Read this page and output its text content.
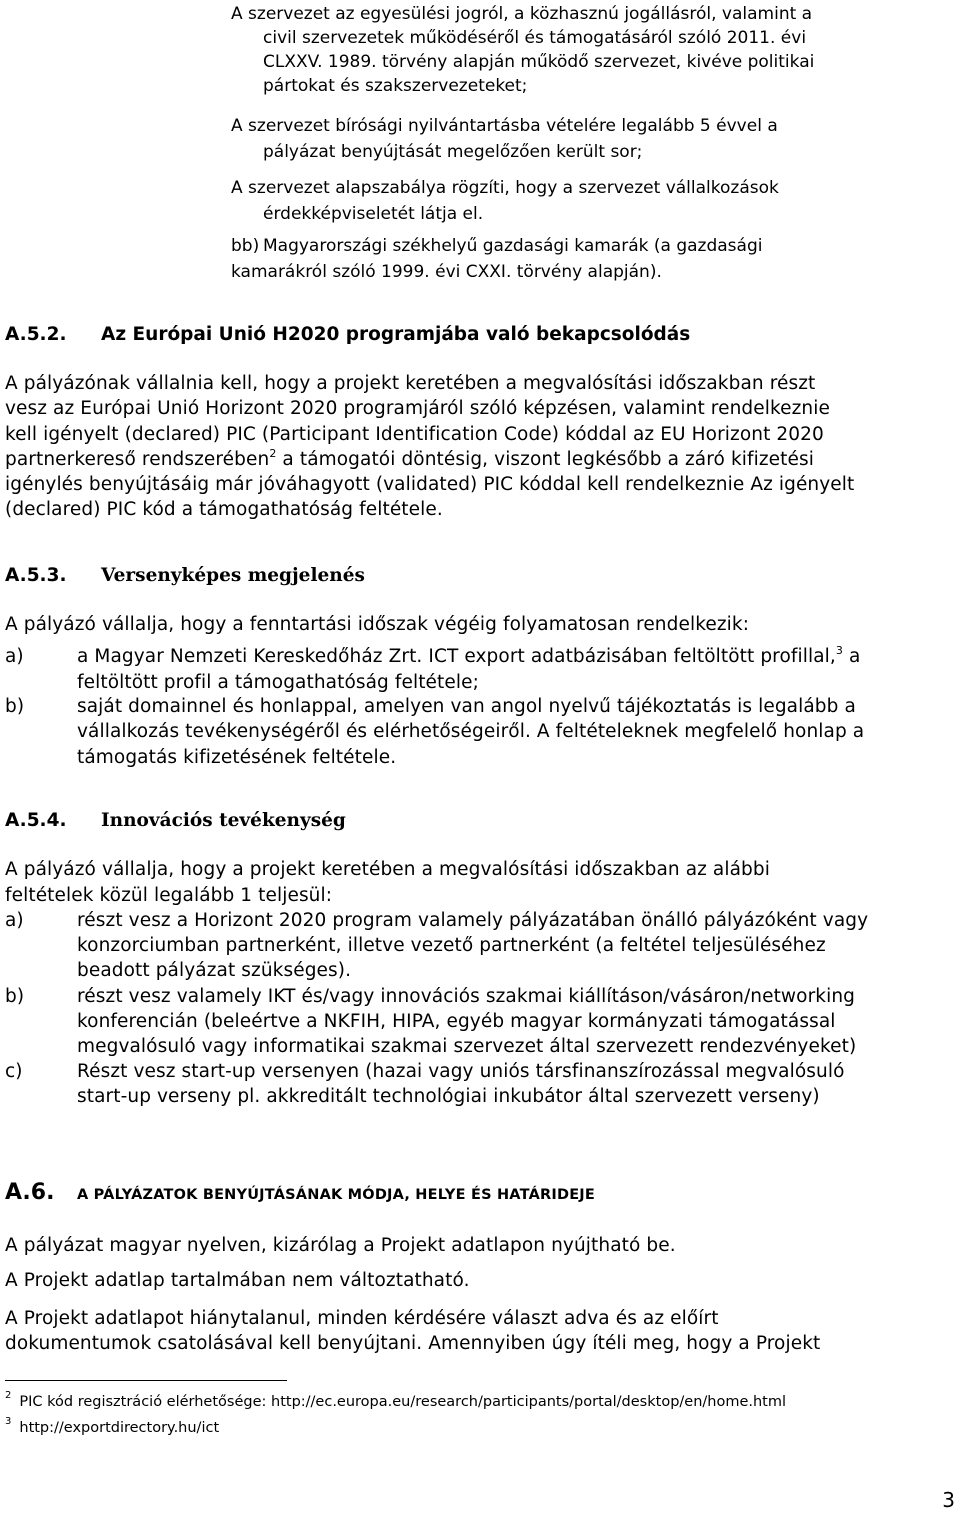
A szervezet az egyesülési jogról, a közhasznú jogállásról, valamint a
civil szervezetek működéséről és támogatásáról szóló 2011. évi
CLXXV. 1989. törvény alapján működő szervezet, kivéve politikai
pártokat és szakszervezeteket;
A szervezet bírósági nyilvántartásba vételére legalább 5 évvel a
pályázat benyújtását megelőzően került sor;
A szervezet alapszabálya rögzíti, hogy a szervezet vállalkozások
érdekképviseletét látja el.
bb) Magyarországi székhelyű gazdasági kamarák (a gazdasági
kamarákról szóló 1999. évi CXXI. törvény alapján).
A.5.2. Az Európai Unió H2020 programjába való bekapcsolódás
A pályázónak vállalnia kell, hogy a projekt keretében a megvalósítási időszakban részt
vesz az Európai Unió Horizont 2020 programjáról szóló képzésen, valamint rendelkeznie
kell igényelt (declared) PIC (Participant Identification Code) kóddal az EU Horizont 2020
partnerkereső rendszerében$^2$ a támogatói döntésig, viszont legkésőbb a záró kifizetési
igénylés benyújtásáig már jóváhagyott (validated) PIC kóddal kell rendelkeznie Az igényelt
(declared) PIC kód a támogathatóság feltétele.
A.5.3. Versenyképes megjelenés
A pályázó vállalja, hogy a fenntartási időszak végéig folyamatosan rendelkezik:
a)	a Magyar Nemzeti Kereskedőház Zrt. ICT export adatbázisában feltöltött profillal,$^3$ a
feltöltött profil a támogathatóság feltétele;
b)	saját domainnel és honlappal, amelyen van angol nyelvű tájékoztatás is legalább a
vállalkozás tevékenységéről és elérhetőségeiről. A feltételeknek megfelelő honlap a
támogatás kifizetésének feltétele.
A.5.4. Innovációs tevékenység
A pályázó vállalja, hogy a projekt keretében a megvalósítási időszakban az alábbi
feltételek közül legalább 1 teljesül:
a)	részt vesz a Horizont 2020 program valamely pályázatában önálló pályázóként vagy
konzorciumban partnerként, illetve vezető partnerként (a feltétel teljesüléséhez
beadott pályázat szükséges).
b)	részt vesz valamely IKT és/vagy innovációs szakmai kiállításon/vásáron/networking
konferencián (beleértve a NKFIH, HIPA, egyéb magyar kormányzati támogatással
megvalósuló vagy informatikai szakmai szervezet által szervezett rendezvényeket)
c)	Részt vesz start-up versenyen (hazai vagy uniós társfinanszírozással megvalósuló
start-up verseny pl. akkreditált technológiai inkubátor által szervezett verseny)
A.6. A PÁLYÁZATOK BENYÚJTÁSÁNAK MÓDJA, HELYE ÉS HATÁRIDEJE
A pályázat magyar nyelven, kizárólag a Projekt adatlapon nyújtható be.
A Projekt adatlap tartalmában nem változtatható.
A Projekt adatlapot hiánytalanul, minden kérdésére választ adva és az előírt
dokumentumok csatolásával kell benyújtani. Amennyiben úgy ítéli meg, hogy a Projekt
$^2$ PIC kód regisztráció elérhetősége: http://ec.europa.eu/research/participants/portal/desktop/en/home.html
$^3$ http://exportdirectory.hu/ict
3
